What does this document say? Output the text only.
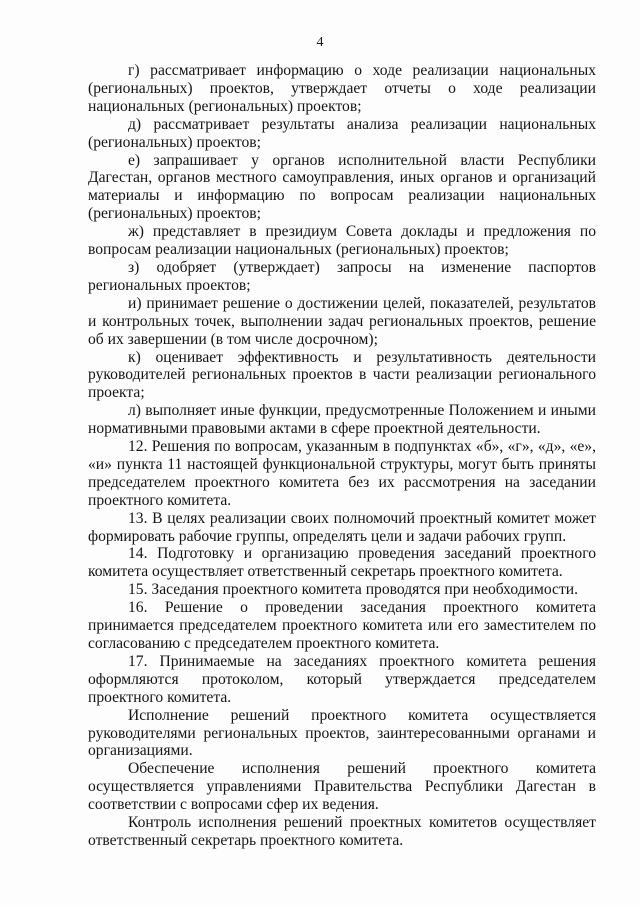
4

г) рассматривает информацию о ходе реализации национальных (региональных) проектов, утверждает отчеты о ходе реализации национальных (региональных) проектов;

д) рассматривает результаты анализа реализации национальных (региональных) проектов;

е) запрашивает у органов исполнительной власти Республики Дагестан, органов местного самоуправления, иных органов и организаций материалы и информацию по вопросам реализации национальных (региональных) проектов;

ж) представляет в президиум Совета доклады и предложения по вопросам реализации национальных (региональных) проектов;

з) одобряет (утверждает) запросы на изменение паспортов региональных проектов;

и) принимает решение о достижении целей, показателей, результатов и контрольных точек, выполнении задач региональных проектов, решение об их завершении (в том числе досрочном);

к) оценивает эффективность и результативность деятельности руководителей региональных проектов в части реализации регионального проекта;

л) выполняет иные функции, предусмотренные Положением и иными нормативными правовыми актами в сфере проектной деятельности.

12. Решения по вопросам, указанным в подпунктах «б», «г», «д», «е», «и» пункта 11 настоящей функциональной структуры, могут быть приняты председателем проектного комитета без их рассмотрения на заседании проектного комитета.

13. В целях реализации своих полномочий проектный комитет может формировать рабочие группы, определять цели и задачи рабочих групп.

14. Подготовку и организацию проведения заседаний проектного комитета осуществляет ответственный секретарь проектного комитета.

15. Заседания проектного комитета проводятся при необходимости.

16. Решение о проведении заседания проектного комитета принимается председателем проектного комитета или его заместителем по согласованию с председателем проектного комитета.

17. Принимаемые на заседаниях проектного комитета решения оформляются протоколом, который утверждается председателем проектного комитета.

Исполнение решений проектного комитета осуществляется руководителями региональных проектов, заинтересованными органами и организациями.

Обеспечение исполнения решений проектного комитета осуществляется управлениями Правительства Республики Дагестан в соответствии с вопросами сфер их ведения.

Контроль исполнения решений проектных комитетов осуществляет ответственный секретарь проектного комитета.
